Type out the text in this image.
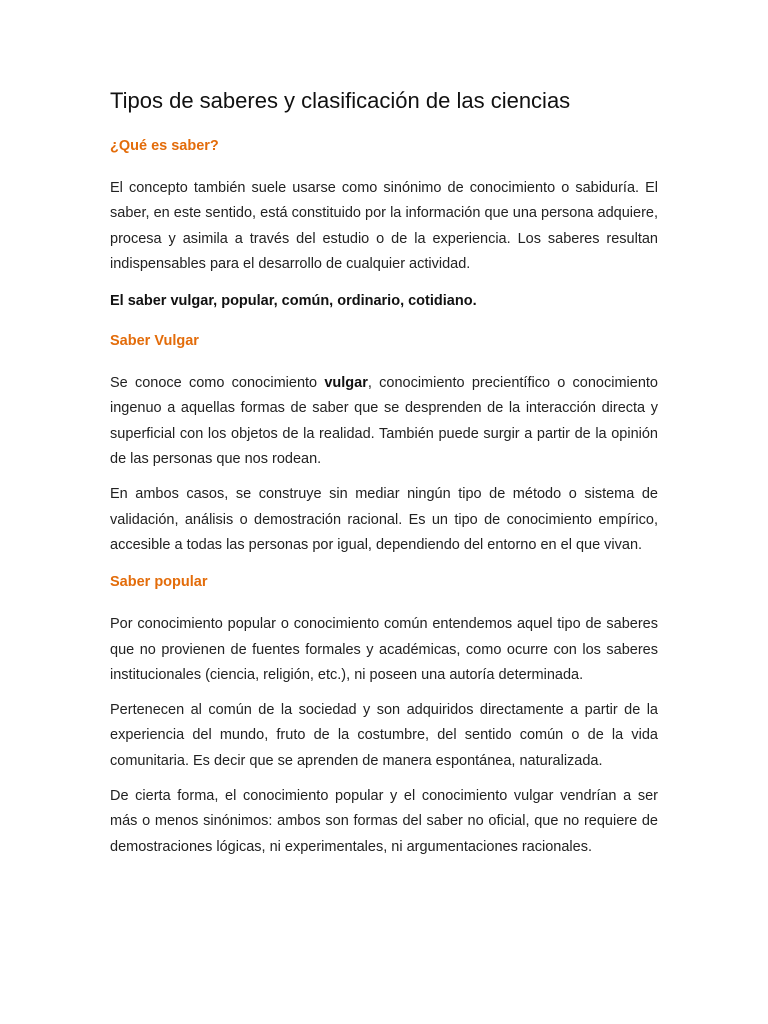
Tipos de saberes y clasificación de las ciencias
¿Qué es saber?

El concepto también suele usarse como sinónimo de conocimiento o sabiduría. El saber, en este sentido, está constituido por la información que una persona adquiere, procesa y asimila a través del estudio o de la experiencia. Los saberes resultan indispensables para el desarrollo de cualquier actividad.

El saber vulgar, popular, común, ordinario, cotidiano.
Saber Vulgar

Se conoce como conocimiento vulgar, conocimiento precientífico o conocimiento ingenuo a aquellas formas de saber que se desprenden de la interacción directa y superficial con los objetos de la realidad. También puede surgir a partir de la opinión de las personas que nos rodean.

En ambos casos, se construye sin mediar ningún tipo de método o sistema de validación, análisis o demostración racional. Es un tipo de conocimiento empírico, accesible a todas las personas por igual, dependiendo del entorno en el que vivan.

Saber popular

Por conocimiento popular o conocimiento común entendemos aquel tipo de saberes que no provienen de fuentes formales y académicas, como ocurre con los saberes institucionales (ciencia, religión, etc.), ni poseen una autoría determinada.

Pertenecen al común de la sociedad y son adquiridos directamente a partir de la experiencia del mundo, fruto de la costumbre, del sentido común o de la vida comunitaria. Es decir que se aprenden de manera espontánea, naturalizada.

De cierta forma, el conocimiento popular y el conocimiento vulgar vendrían a ser más o menos sinónimos: ambos son formas del saber no oficial, que no requiere de demostraciones lógicas, ni experimentales, ni argumentaciones racionales.
